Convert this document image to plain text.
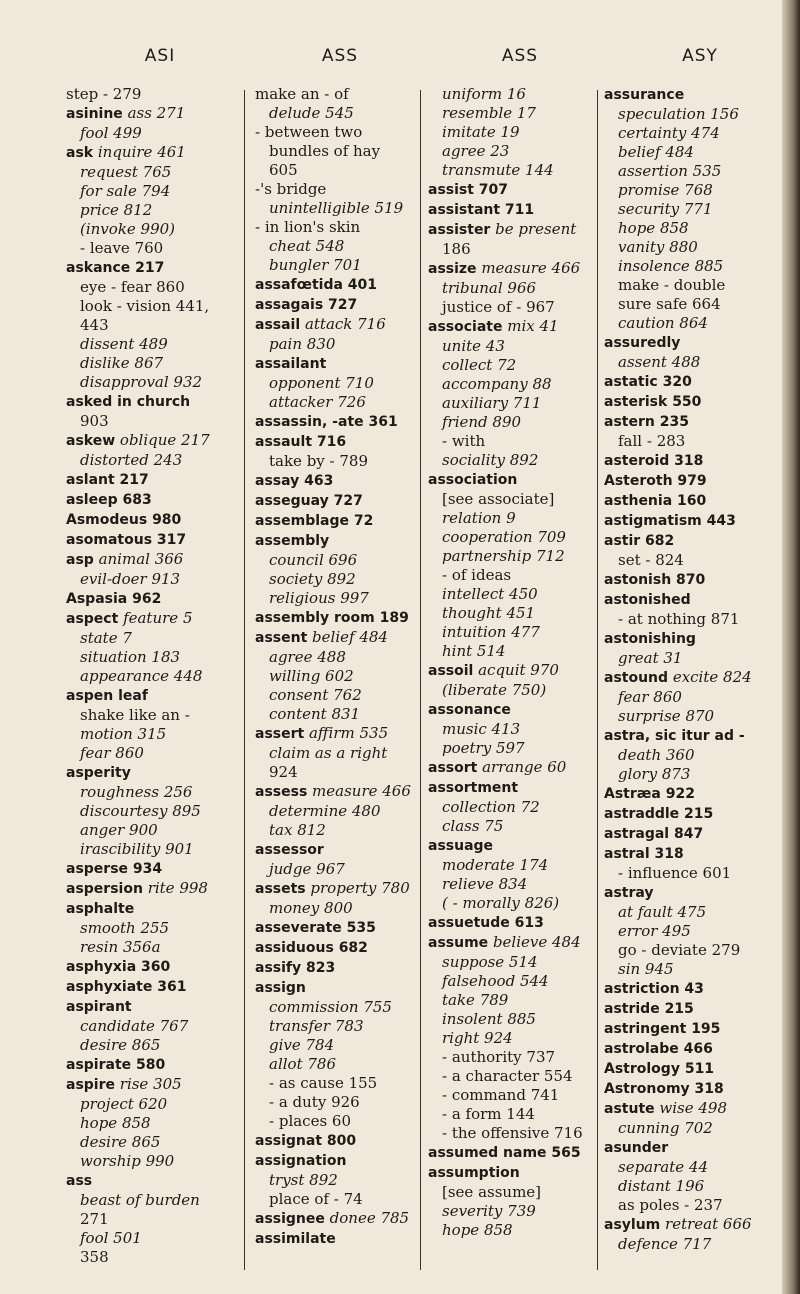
ASI	ASS	ASS	ASY
step - 279
asinine ass 271
fool 499
ask inquire 461
request 765
for sale 794
price 812
(invoke 990)
- leave 760
askance 217
eye - fear 860
look - vision 441,
443
dissent 489
dislike 867
disapproval 932
asked in church
903
askew oblique 217
distorted 243
aslant 217
asleep 683
Asmodeus 980
asomatous 317
asp animal 366
evil-doer 913
Aspasia 962
aspect feature 5
state 7
situation 183
appearance 448
aspen leaf
shake like an -
motion 315
fear 860
asperity
roughness 256
discourtesy 895
anger 900
irascibility 901
asperse 934
aspersion rite 998
asphalte
smooth 255
resin 356a
asphyxia 360
asphyxiate 361
aspirant
candidate 767
desire 865
aspirate 580
aspire rise 305
project 620
hope 858
desire 865
worship 990
ass
beast of burden
271
fool 501
358
make an - of
delude 545
- between two
bundles of hay
605
-'s bridge
unintelligible 519
- in lion's skin
cheat 548
bungler 701
assafœtida 401
assagais 727
assail attack 716
pain 830
assailant
opponent 710
attacker 726
assassin, -ate 361
assault 716
take by - 789
assay 463
asseguay 727
assemblage 72
assembly
council 696
society 892
religious 997
assembly room 189
assent belief 484
agree 488
willing 602
consent 762
content 831
assert affirm 535
claim as a right
924
assess measure 466
determine 480
tax 812
assessor
judge 967
assets property 780
money 800
asseverate 535
assiduous 682
assify 823
assign
commission 755
transfer 783
give 784
allot 786
- as cause 155
- a duty 926
- places 60
assignat 800
assignation
tryst 892
place of - 74
assignee donee 785
assimilate
uniform 16
resemble 17
imitate 19
agree 23
transmute 144
assist 707
assistant 711
assister be present
186
assize measure 466
tribunal 966
justice of - 967
associate mix 41
unite 43
collect 72
accompany 88
auxiliary 711
friend 890
- with
sociality 892
association
[see associate]
relation 9
cooperation 709
partnership 712
- of ideas
intellect 450
thought 451
intuition 477
hint 514
assoil acquit 970
(liberate 750)
assonance
music 413
poetry 597
assort arrange 60
assortment
collection 72
class 75
assuage
moderate 174
relieve 834
( - morally 826)
assuetude 613
assume believe 484
suppose 514
falsehood 544
take 789
insolent 885
right 924
- authority 737
- a character 554
- command 741
- a form 144
- the offensive 716
assumed name 565
assumption
[see assume]
severity 739
hope 858
assurance
speculation 156
certainty 474
belief 484
assertion 535
promise 768
security 771
hope 858
vanity 880
insolence 885
make - double
sure safe 664
caution 864
assuredly
assent 488
astatic 320
asterisk 550
astern 235
fall - 283
asteroid 318
Asteroth 979
asthenia 160
astigmatism 443
astir 682
set - 824
astonish 870
astonished
- at nothing 871
astonishing
great 31
astound excite 824
fear 860
surprise 870
astra, sic itur ad -
death 360
glory 873
Astræa 922
astraddle 215
astragal 847
astral 318
- influence 601
astray
at fault 475
error 495
go - deviate 279
sin 945
astriction 43
astride 215
astringent 195
astrolabe 466
Astrology 511
Astronomy 318
astute wise 498
cunning 702
asunder
separate 44
distant 196
as poles - 237
asylum retreat 666
defence 717
